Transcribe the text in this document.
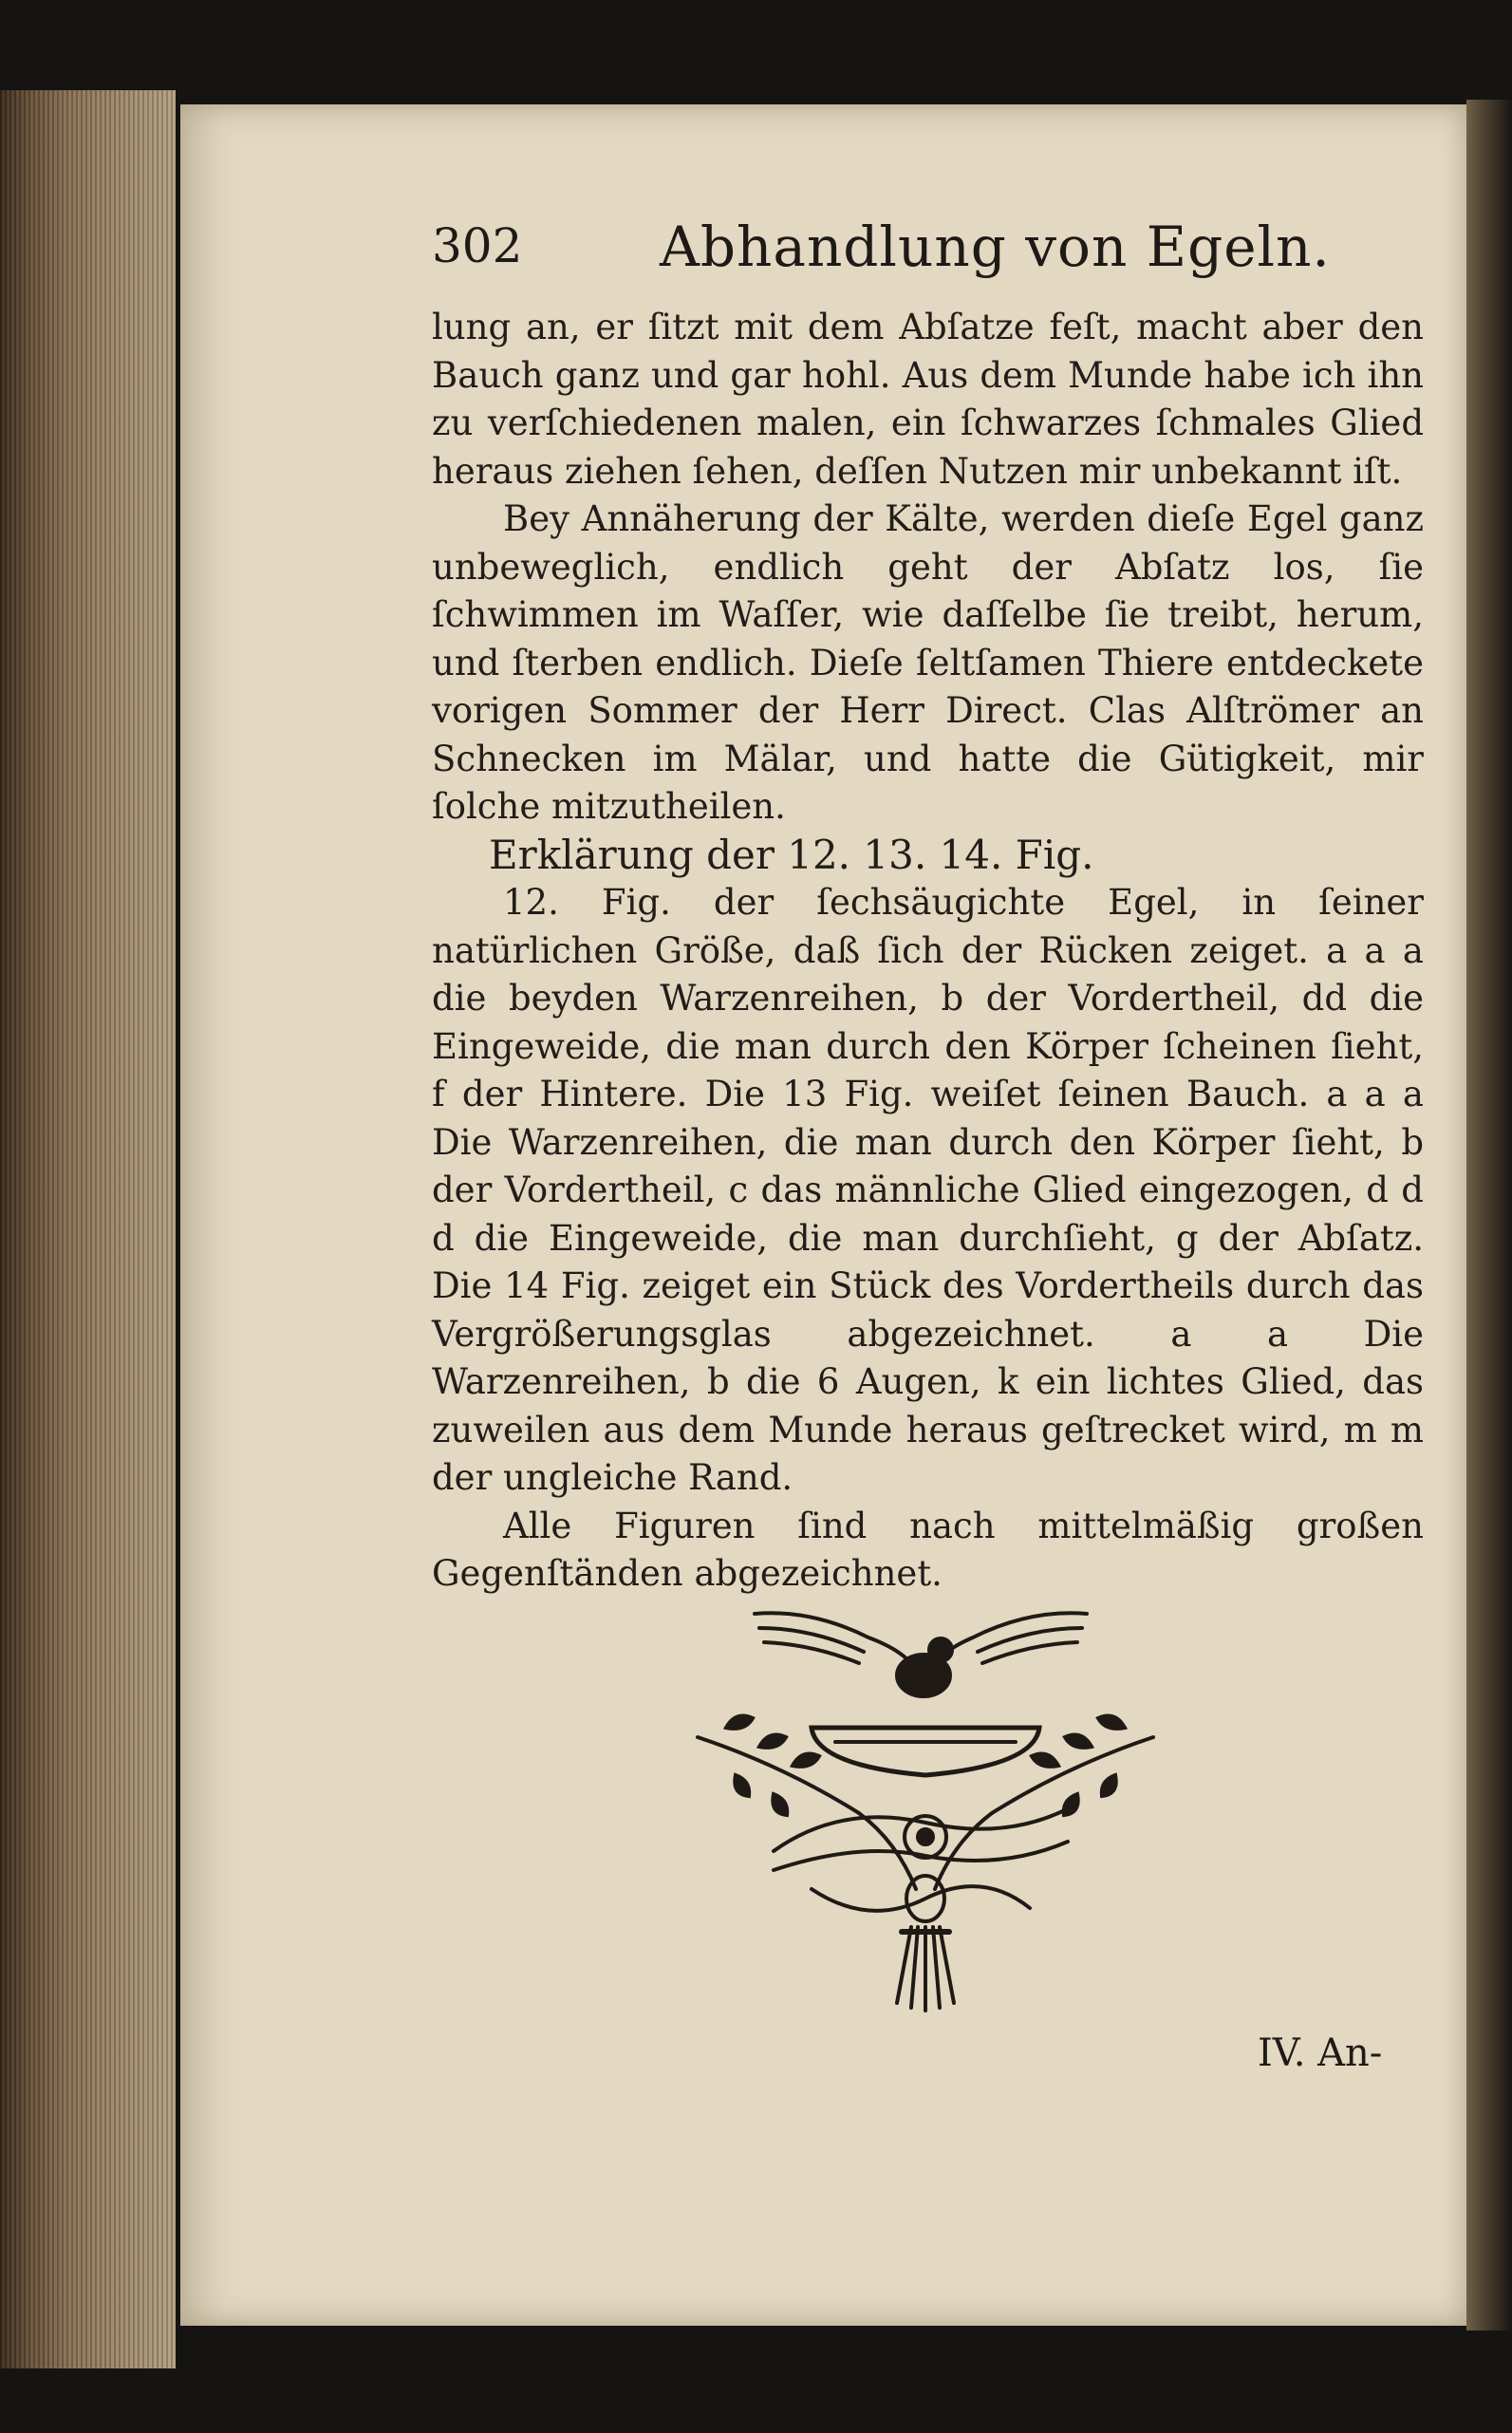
302 Abhandlung von Egeln.

lung an, er ſitzt mit dem Abſatze feſt, macht aber den Bauch ganz und gar hohl. Aus dem Munde habe ich ihn zu verſchiedenen malen, ein ſchwarzes ſchmales Glied heraus ziehen ſehen, deſſen Nutzen mir unbekannt iſt.

Bey Annäherung der Kälte, werden dieſe Egel ganz unbeweglich, endlich geht der Abſatz los, ſie ſchwimmen im Waſſer, wie daſſelbe ſie treibt, herum, und ſterben endlich. Dieſe ſeltſamen Thiere entdeckete vorigen Sommer der Herr Direct. Clas Alſtrömer an Schnecken im Mälar, und hatte die Gütigkeit, mir ſolche mitzutheilen.

Erklärung der 12. 13. 14. Fig.

12. Fig. der ſechsäugichte Egel, in ſeiner natürlichen Größe, daß ſich der Rücken zeiget. a a a die beyden Warzenreihen, b der Vordertheil, dd die Eingeweide, die man durch den Körper ſcheinen ſieht, f der Hintere. Die 13 Fig. weiſet ſeinen Bauch. a a a Die Warzenreihen, die man durch den Körper ſieht, b der Vordertheil, c das männliche Glied eingezogen, d d d die Eingeweide, die man durchſieht, g der Abſatz. Die 14 Fig. zeiget ein Stück des Vordertheils durch das Vergrößerungsglas abgezeichnet. a a Die Warzenreihen, b die 6 Augen, k ein lichtes Glied, das zuweilen aus dem Munde heraus geſtrecket wird, m m der ungleiche Rand.

Alle Figuren ſind nach mittelmäßig großen Gegenſtänden abgezeichnet.

IV. An-
